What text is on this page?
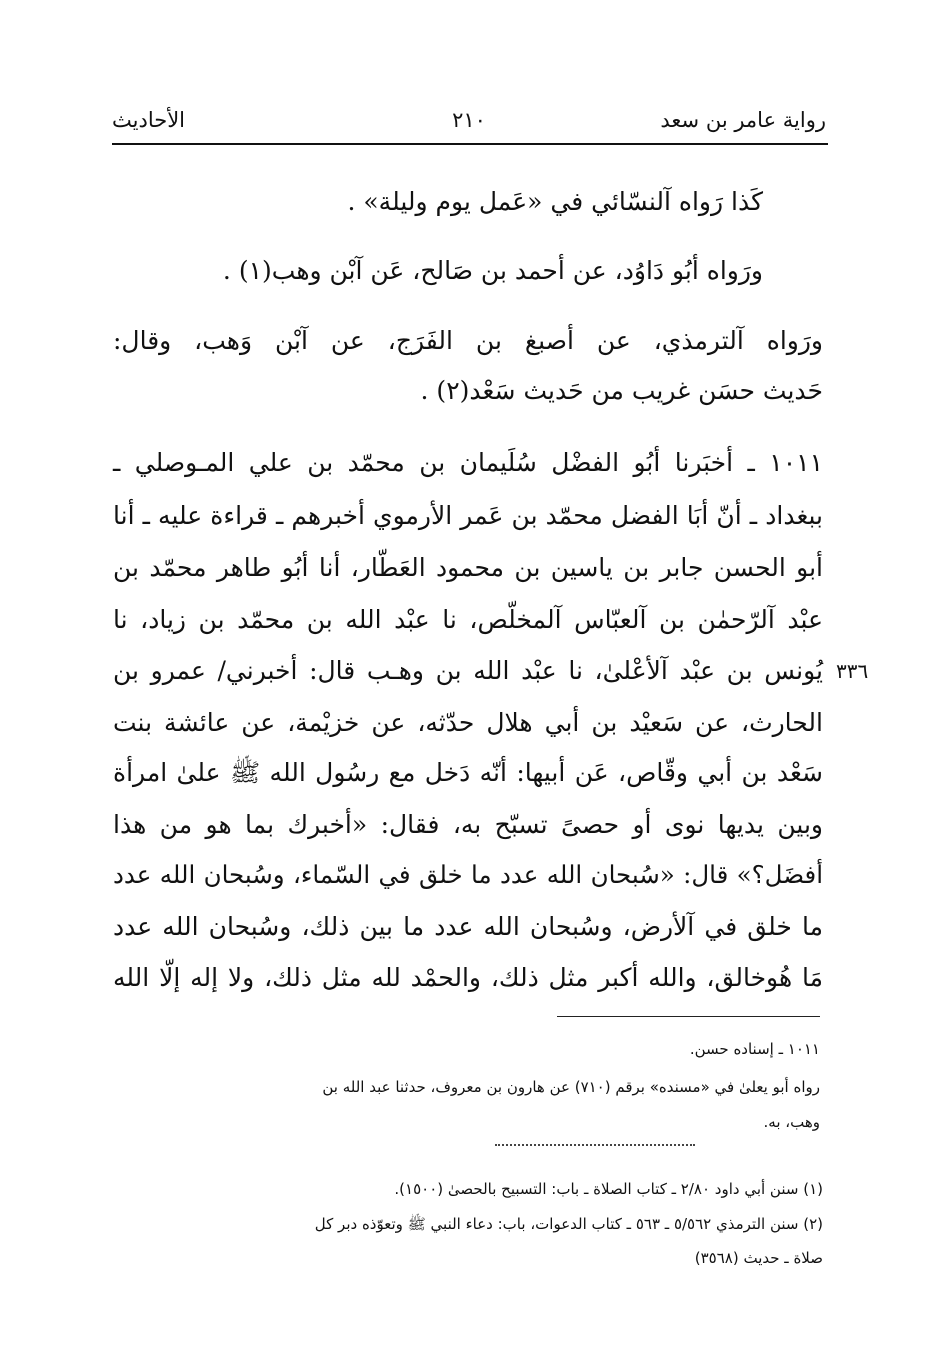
رواية عامر بن سعد
٢١٠
الأحاديث
كَذا رَواه آلنسّائي في «عَمل يوم وليلة» .
ورَواه أبُو دَاوُد، عن أحمد بن صَالح، عَن آبْن وهب(١) .
ورَواه آلترمذي، عن أصبغ بن الفَرَج، عن آبْن وَهب، وقال:
حَديث حسَن غريب من حَديث سَعْد(٢) .
١٠١١ ـ أخبَرنا أبُو الفضْل سُلَيمان بن محمّد بن علي المـوصلي ـ
ببغداد ـ أنّ أبَا الفضل محمّد بن عَمر الأرموي أخبرهم ـ قراءة عليه ـ أنا
أبو الحسن جابر بن ياسين بن محمود العَطّار، أنا أبُو طاهر محمّد بن
عبْد آلرّحمٰن بن آلعبّاس آلمخلّص، نا عبْد الله بن محمّد بن زياد، نا
يُونس بن عبْد آلأعْلىٰ، نا عبْد الله بن وهـب قال: أخبرني/ عمرو بن
الحارث، عن سَعيْد بن أبي هلال حدّثه، عن خزيْمة، عن عائشة بنت
سَعْد بن أبي وقّاص، عَن أبيها: أنّه دَخل مع رسُول الله ﷺ علىٰ امرأة
وبين يديها نوى أو حصىً تسبّح به، فقال: «أخبرك بما هو من هذا
أفضَل؟» قال: «سُبحان الله عدد ما خلق في السّماء، وسُبحان الله عدد
ما خلق في آلأرض، وسُبحان الله عدد ما بين ذلك، وسُبحان الله عدد
مَا هُوخالق، والله أكبر مثل ذلك، والحمْد لله مثل ذلك، ولا إله إلّا الله
٣٣٦
١٠١١ ـ إسناده حسن.
رواه أبو يعلىٰ في «مسنده» برقم (٧١٠) عن هارون بن معروف، حدثنا عبد الله بن
وهب، به.
(١) سنن أبي داود ٢/٨٠ ـ كتاب الصلاة ـ باب: التسبيح بالحصىٰ (١٥٠٠).
(٢) سنن الترمذي ٥/٥٦٢ ـ ٥٦٣ ـ كتاب الدعوات، باب: دعاء النبي ﷺ وتعوّذه دبر كل
صلاة ـ حديث (٣٥٦٨)
